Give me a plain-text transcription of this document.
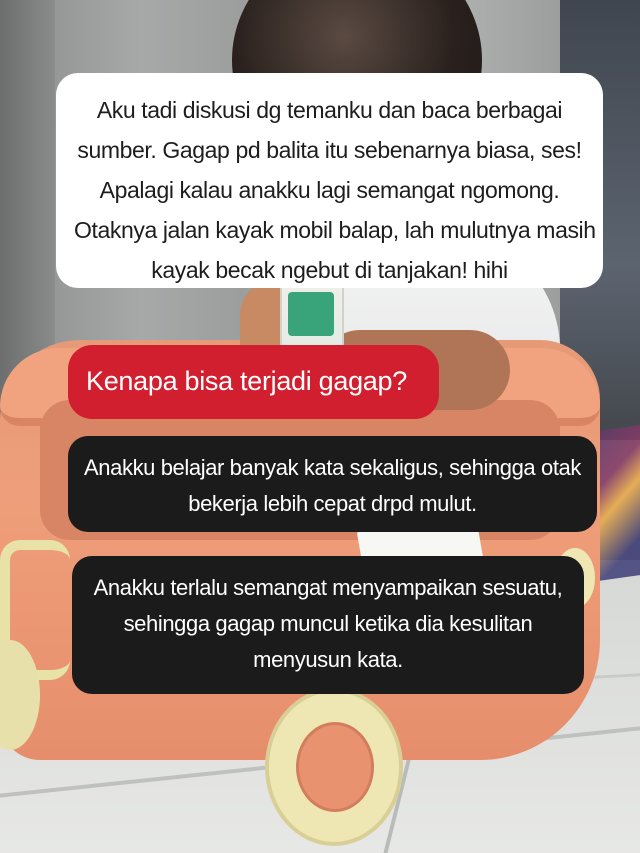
Aku tadi diskusi dg temanku dan baca berbagai
sumber. Gagap pd balita itu sebenarnya biasa, ses!
Apalagi kalau anakku lagi semangat ngomong.
Otaknya jalan kayak mobil balap, lah mulutnya masih
kayak becak ngebut di tanjakan! hihi
Kenapa bisa terjadi gagap?
Anakku belajar banyak kata sekaligus, sehingga otak
bekerja lebih cepat drpd mulut.
Anakku terlalu semangat menyampaikan sesuatu,
sehingga gagap muncul ketika dia kesulitan
menyusun kata.
